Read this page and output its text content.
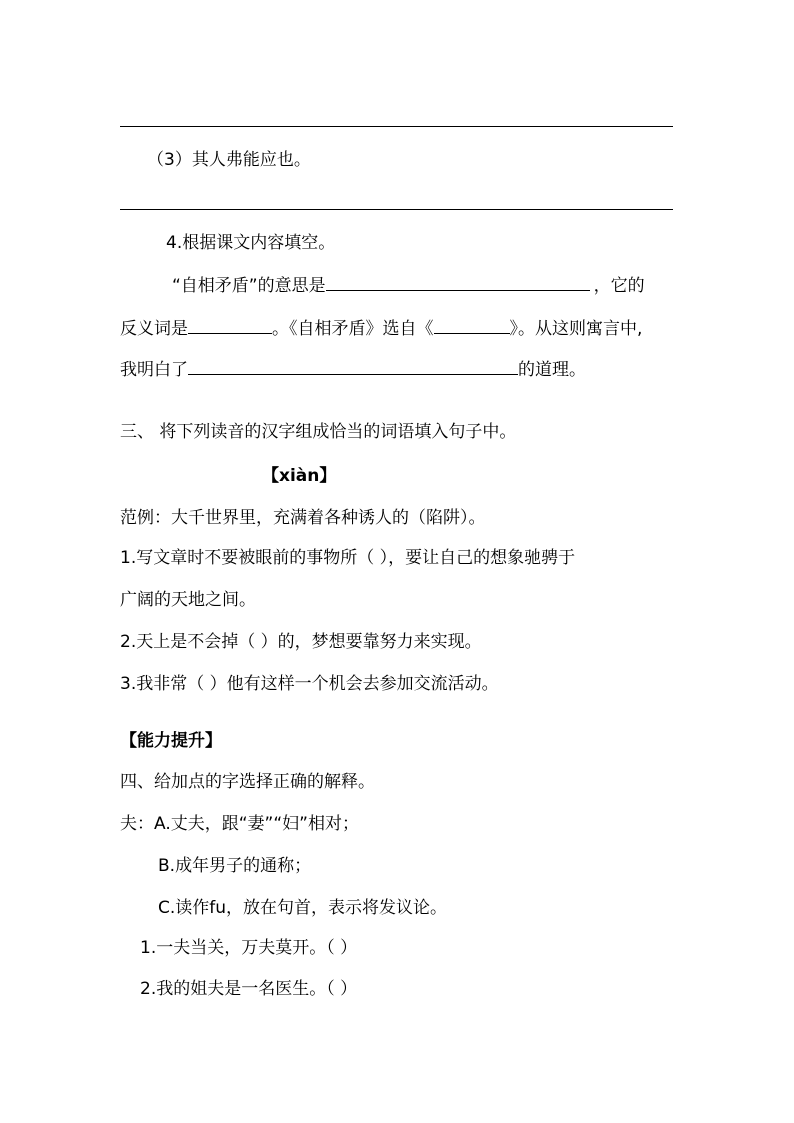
（3）其人弗能应也。
4.根据课文内容填空。
“自相矛盾”的意思是	，它的
反义词是	。《自相矛盾》选自《	》。从这则寓言中,
我明白了	的道理。
三、 将下列读音的汉字组成恰当的词语填入句子中。
【xiàn】
范例：大千世界里，充满着各种诱人的（陷阱）。
1.写文章时不要被眼前的事物所（ ），要让自己的想象驰骋于
广阔的天地之间。
2.天上是不会掉（ ）的，梦想要靠努力来实现。
3.我非常（ ）他有这样一个机会去参加交流活动。
【能力提升】
四、给加点的字选择正确的解释。
夫：A.丈夫，跟“妻”“妇”相对；
B.成年男子的通称；
C.读作fu，放在句首，表示将发议论。
1.一夫当关，万夫莫开。（ ）
2.我的姐夫是一名医生。（ ）
